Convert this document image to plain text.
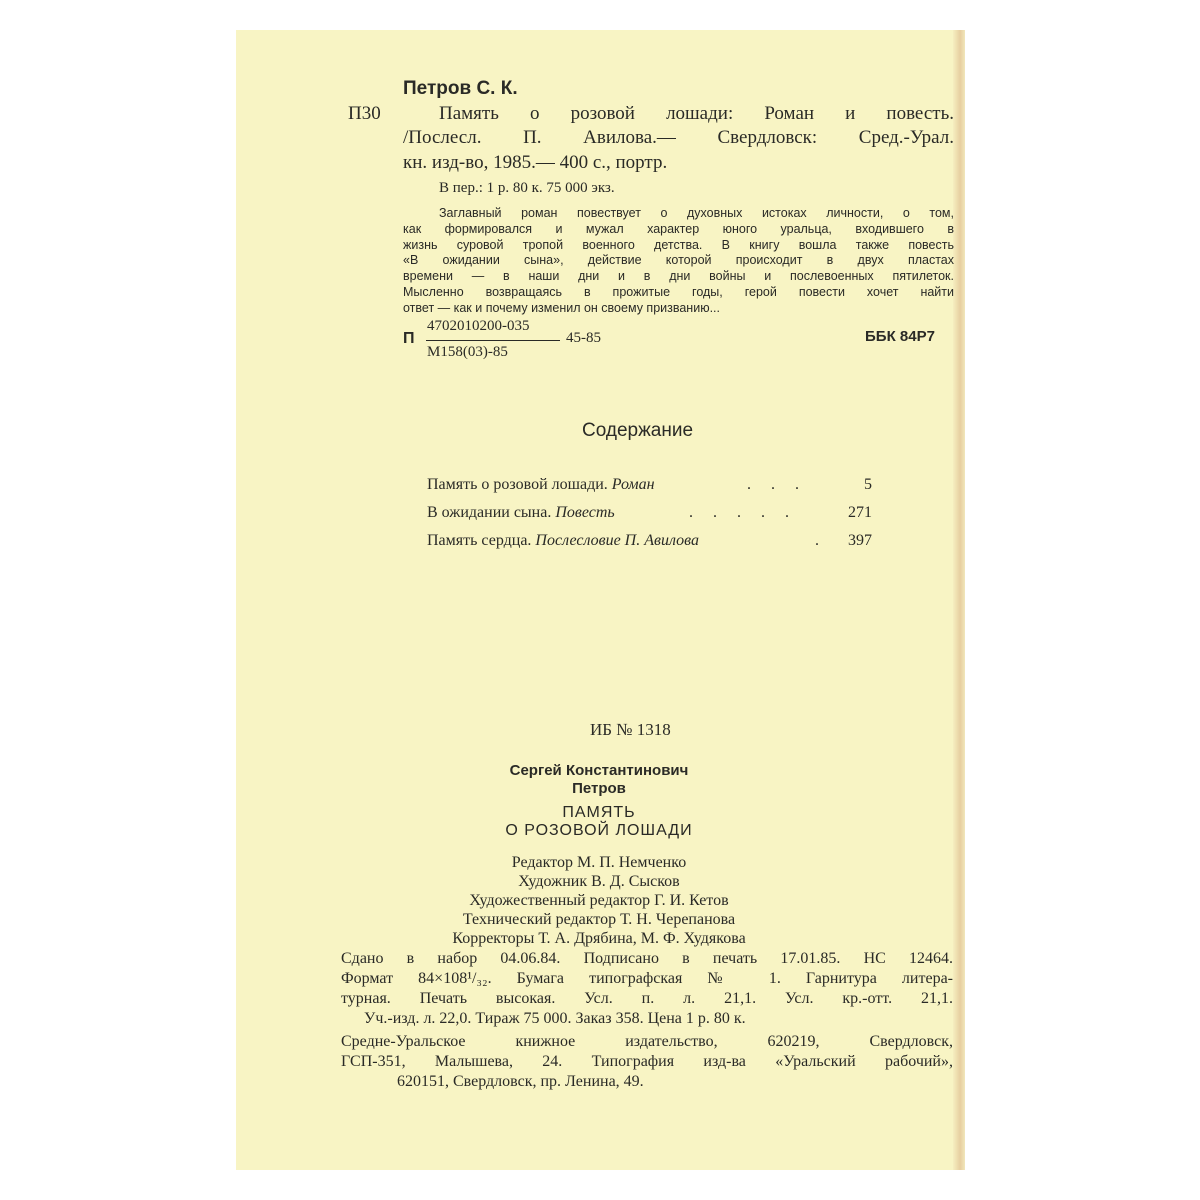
Петров С. К.
П30	Память о розовой лошади: Роман и повесть.
/Послесл. П. Авилова.— Свердловск: Сред.-Урал.
кн. изд-во, 1985.— 400 с., портр.
В пер.: 1 р. 80 к. 75 000 экз.
Заглавный роман повествует о духовных истоках личности, о том,
как формировался и мужал характер юного уральца, входившего в
жизнь суровой тропой военного детства. В книгу вошла также повесть
«В ожидании сына», действие которой происходит в двух пластах
времени — в наши дни и в дни войны и послевоенных пятилеток.
Мысленно возвращаясь в прожитые годы, герой повести хочет найти
ответ — как и почему изменил он своему призванию...
П
4702010200-035
М158(03)-85
45-85	ББК 84Р7
Содержание
Память о розовой лошади. Роман	. . .	5
В ожидании сына. Повесть	. . . . .	271
Память сердца. Послесловие П. Авилова	. 397
ИБ № 1318
Сергей Константинович
Петров
ПАМЯТЬ
О РОЗОВОЙ ЛОШАДИ
Редактор М. П. Немченко
Художник В. Д. Сысков
Художественный редактор Г. И. Кетов
Технический редактор Т. Н. Черепанова
Корректоры Т. А. Дрябина, М. Ф. Худякова
Сдано в набор 04.06.84. Подписано в печать 17.01.85. НС 12464.
Формат 84×108¹/₃₂. Бумага типографская № 1. Гарнитура литера-
турная. Печать высокая. Усл. п. л. 21,1. Усл. кр.-отт. 21,1.
Уч.-изд. л. 22,0. Тираж 75 000. Заказ 358. Цена 1 р. 80 к.
Средне-Уральское книжное издательство, 620219, Свердловск,
ГСП-351, Малышева, 24. Типография изд-ва «Уральский рабочий»,
620151, Свердловск, пр. Ленина, 49.
